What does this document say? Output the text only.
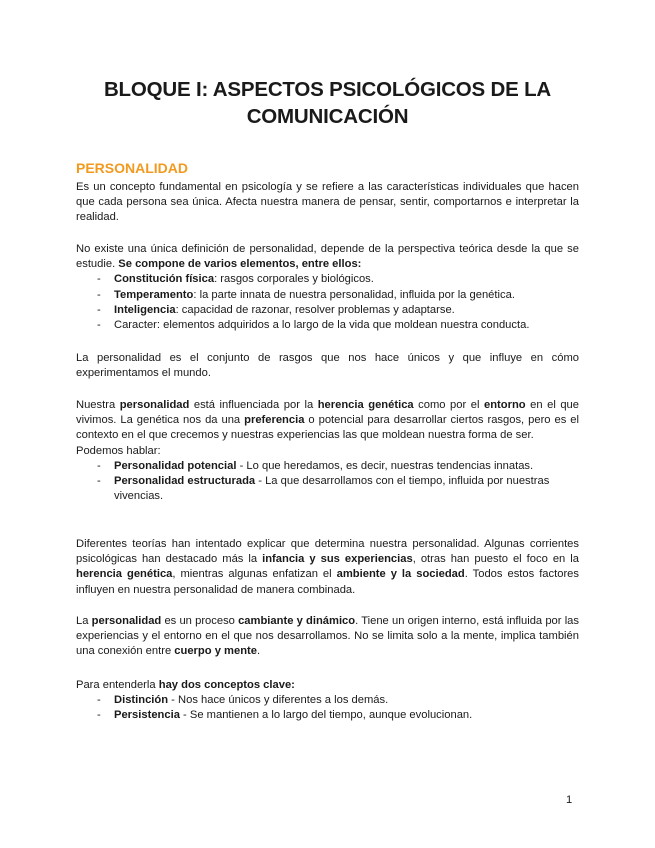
BLOQUE I: ASPECTOS PSICOLÓGICOS DE LA COMUNICACIÓN
PERSONALIDAD
Es un concepto fundamental en psicología y se refiere a las características individuales que hacen que cada persona sea única. Afecta nuestra manera de pensar, sentir, comportarnos e interpretar la realidad.
No existe una única definición de personalidad, depende de la perspectiva teórica desde la que se estudie. Se compone de varios elementos, entre ellos:
- Constitución física: rasgos corporales y biológicos.
- Temperamento: la parte innata de nuestra personalidad, influida por la genética.
- Inteligencia: capacidad de razonar, resolver problemas y adaptarse.
- Caracter: elementos adquiridos a lo largo de la vida que moldean nuestra conducta.
La personalidad es el conjunto de rasgos que nos hace únicos y que influye en cómo experimentamos el mundo.
Nuestra personalidad está influenciada por la herencia genética como por el entorno en el que vivimos. La genética nos da una preferencia o potencial para desarrollar ciertos rasgos, pero es el contexto en el que crecemos y nuestras experiencias las que moldean nuestra forma de ser.
Podemos hablar:
- Personalidad potencial - Lo que heredamos, es decir, nuestras tendencias innatas.
- Personalidad estructurada - La que desarrollamos con el tiempo, influida por nuestras vivencias.
Diferentes teorías han intentado explicar que determina nuestra personalidad. Algunas corrientes psicológicas han destacado más la infancia y sus experiencias, otras han puesto el foco en la herencia genética, mientras algunas enfatizan el ambiente y la sociedad. Todos estos factores influyen en nuestra personalidad de manera combinada.
La personalidad es un proceso cambiante y dinámico. Tiene un origen interno, está influida por las experiencias y el entorno en el que nos desarrollamos. No se limita solo a la mente, implica también una conexión entre cuerpo y mente.
Para entenderla hay dos conceptos clave:
- Distinción - Nos hace únicos y diferentes a los demás.
- Persistencia - Se mantienen a lo largo del tiempo, aunque evolucionan.
1
